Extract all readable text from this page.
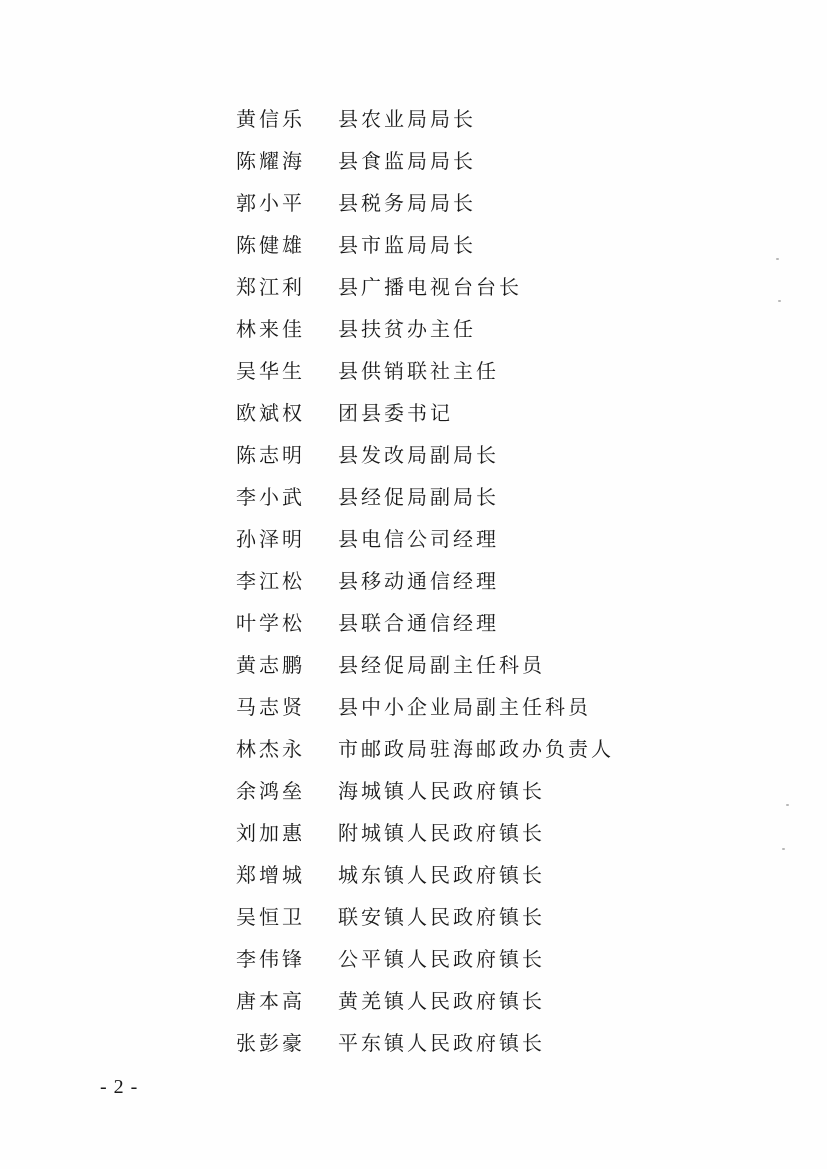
黄信乐	县农业局局长
陈耀海	县食监局局长
郭小平	县税务局局长
陈健雄	县市监局局长
郑江利	县广播电视台台长
林来佳	县扶贫办主任
吴华生	县供销联社主任
欧斌权	团县委书记
陈志明	县发改局副局长
李小武	县经促局副局长
孙泽明	县电信公司经理
李江松	县移动通信经理
叶学松	县联合通信经理
黄志鹏	县经促局副主任科员
马志贤	县中小企业局副主任科员
林杰永	市邮政局驻海邮政办负责人
余鸿垒	海城镇人民政府镇长
刘加惠	附城镇人民政府镇长
郑增城	城东镇人民政府镇长
吴恒卫	联安镇人民政府镇长
李伟锋	公平镇人民政府镇长
唐本高	黄羌镇人民政府镇长
张彭豪	平东镇人民政府镇长
- 2 -
